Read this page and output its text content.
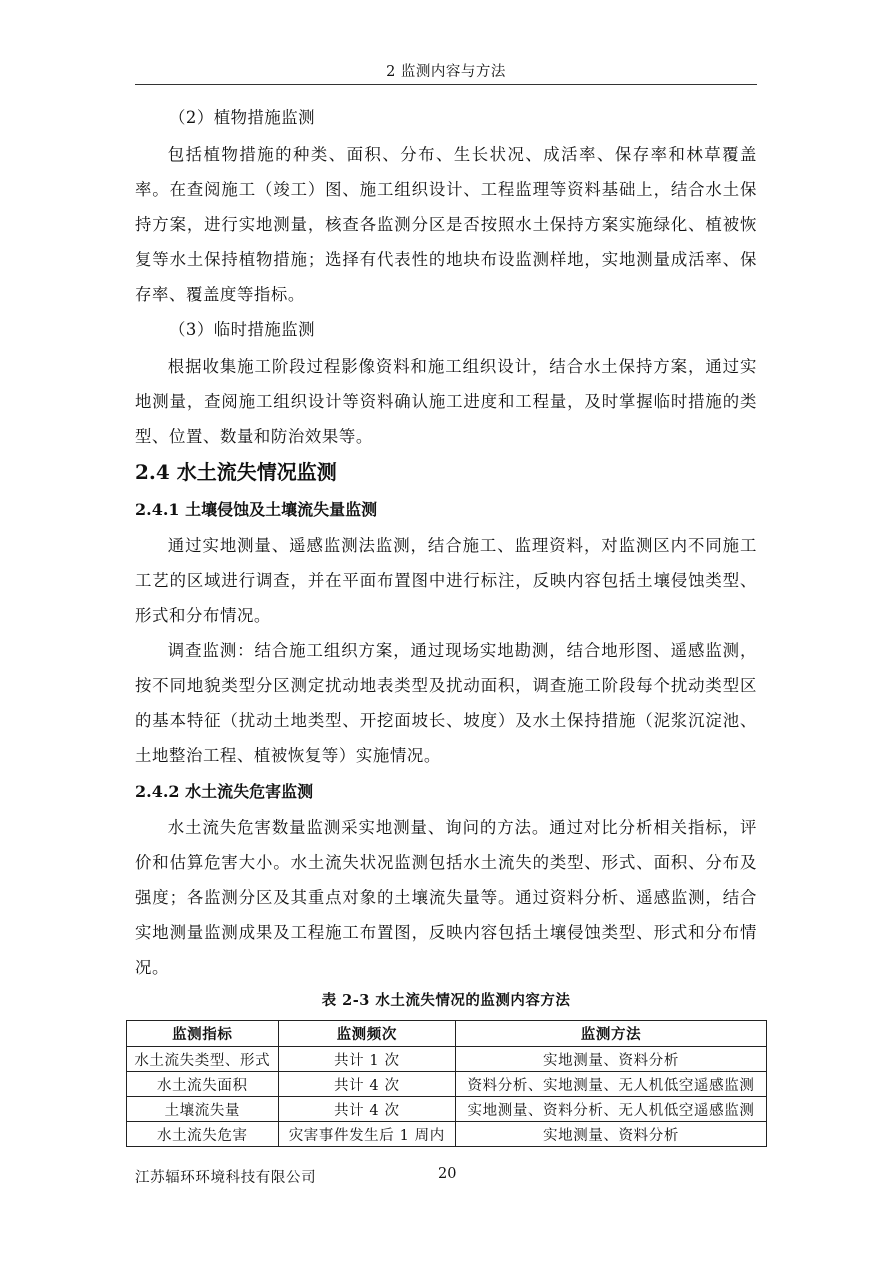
2 监测内容与方法

（2）植物措施监测

包括植物措施的种类、面积、分布、生长状况、成活率、保存率和林草覆盖率。在查阅施工（竣工）图、施工组织设计、工程监理等资料基础上，结合水土保持方案，进行实地测量，核查各监测分区是否按照水土保持方案实施绿化、植被恢复等水土保持植物措施；选择有代表性的地块布设监测样地，实地测量成活率、保存率、覆盖度等指标。

（3）临时措施监测

根据收集施工阶段过程影像资料和施工组织设计，结合水土保持方案，通过实地测量，查阅施工组织设计等资料确认施工进度和工程量，及时掌握临时措施的类型、位置、数量和防治效果等。

2.4 水土流失情况监测

2.4.1 土壤侵蚀及土壤流失量监测

通过实地测量、遥感监测法监测，结合施工、监理资料，对监测区内不同施工工艺的区域进行调查，并在平面布置图中进行标注，反映内容包括土壤侵蚀类型、形式和分布情况。

调查监测：结合施工组织方案，通过现场实地勘测，结合地形图、遥感监测，按不同地貌类型分区测定扰动地表类型及扰动面积，调查施工阶段每个扰动类型区的基本特征（扰动土地类型、开挖面坡长、坡度）及水土保持措施（泥浆沉淀池、土地整治工程、植被恢复等）实施情况。

2.4.2 水土流失危害监测

水土流失危害数量监测采实地测量、询问的方法。通过对比分析相关指标，评价和估算危害大小。水土流失状况监测包括水土流失的类型、形式、面积、分布及强度；各监测分区及其重点对象的土壤流失量等。通过资料分析、遥感监测，结合实地测量监测成果及工程施工布置图，反映内容包括土壤侵蚀类型、形式和分布情况。

表 2-3 水土流失情况的监测内容方法
监测指标	监测频次	监测方法
水土流失类型、形式	共计 1 次	实地测量、资料分析
水土流失面积	共计 4 次	资料分析、实地测量、无人机低空遥感监测
土壤流失量	共计 4 次	实地测量、资料分析、无人机低空遥感监测
水土流失危害	灾害事件发生后 1 周内	实地测量、资料分析
江苏辐环环境科技有限公司	20
